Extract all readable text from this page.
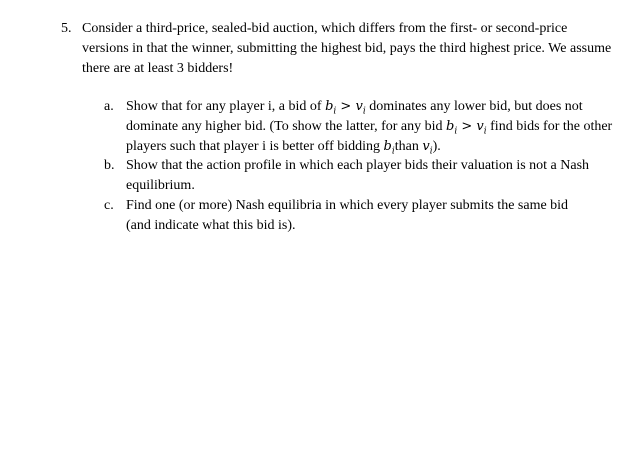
5. Consider a third-price, sealed-bid auction, which differs from the first- or second-price versions in that the winner, submitting the highest bid, pays the third highest price. We assume there are at least 3 bidders!
a. Show that for any player i, a bid of $b_i > v_i$ dominates any lower bid, but does not dominate any higher bid. (To show the latter, for any bid $b_i > v_i$ find bids for the other players such that player i is better off bidding $b_ithan$ $v_i$).
b. Show that the action profile in which each player bids their valuation is not a Nash equilibrium.
c. Find one (or more) Nash equilibria in which every player submits the same bid (and indicate what this bid is).
